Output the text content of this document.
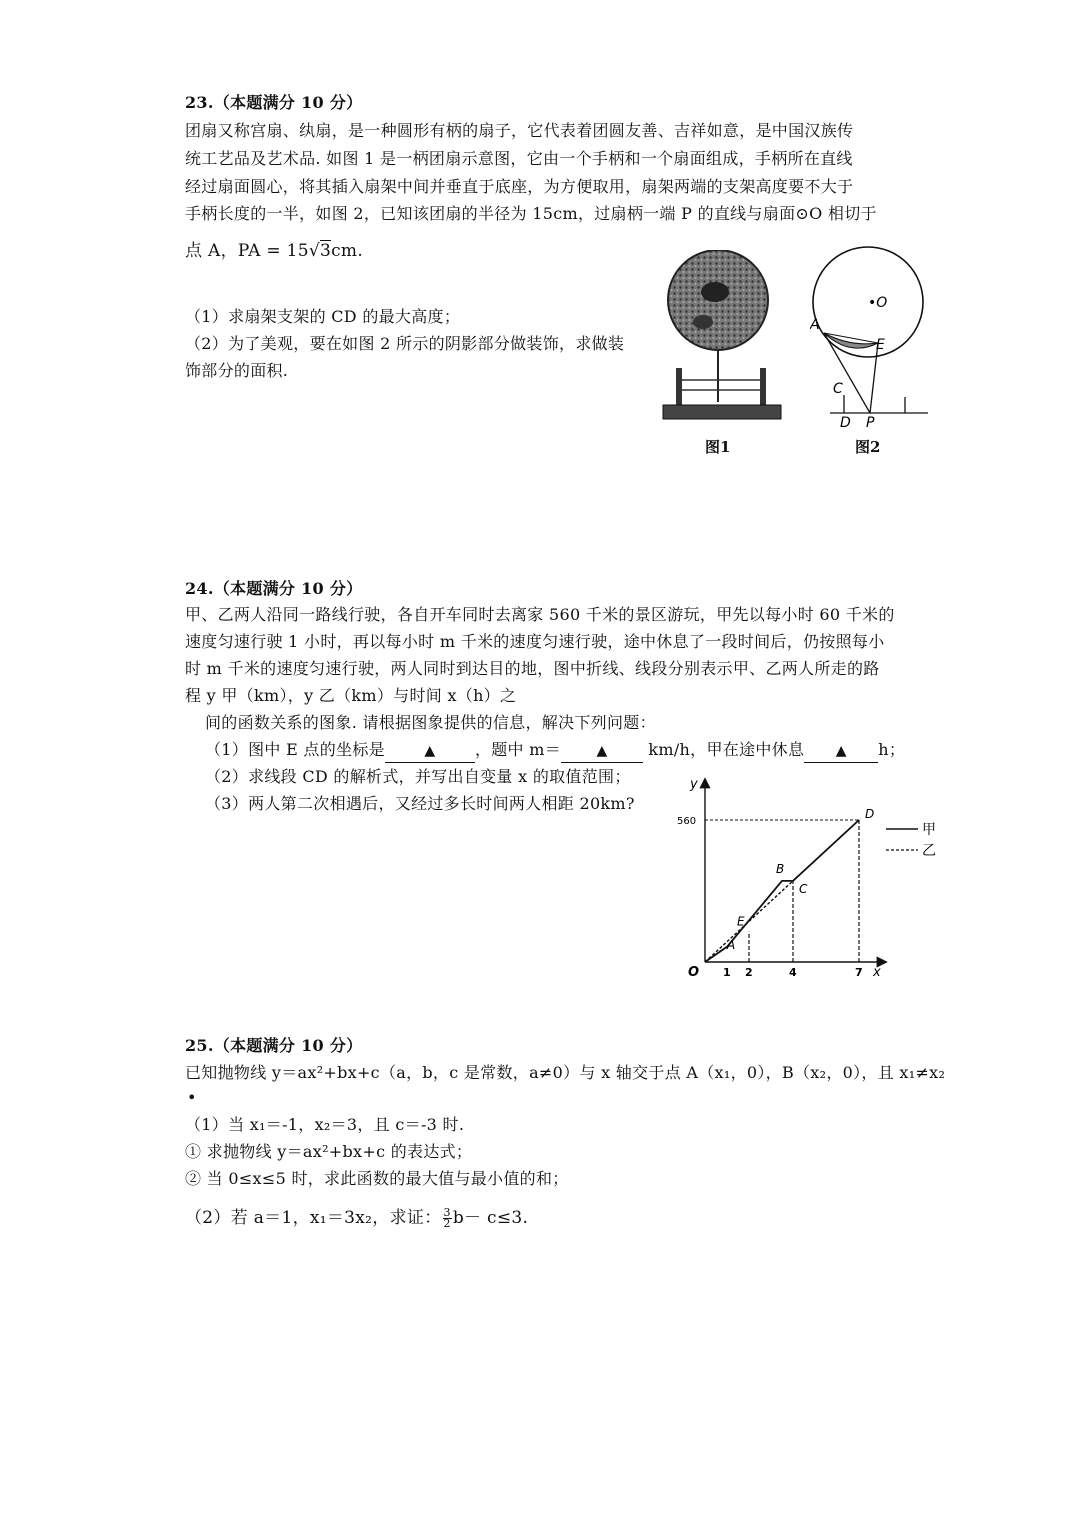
23.（本题满分 10 分）
团扇又称宫扇、纨扇，是一种圆形有柄的扇子，它代表着团圆友善、吉祥如意，是中国汉族传
统工艺品及艺术品. 如图 1 是一柄团扇示意图，它由一个手柄和一个扇面组成，手柄所在直线
经过扇面圆心，将其插入扇架中间并垂直于底座，为方便取用，扇架两端的支架高度要不大于
手柄长度的一半，如图 2，已知该团扇的半径为 15cm，过扇柄一端 P 的直线与扇面⊙O 相切于
点 A，PA = 15√3cm.
（1）求扇架支架的 CD 的最大高度；
（2）为了美观，要在如图 2 所示的阴影部分做装饰，求做装
饰部分的面积.
图1
•O
A
E
C
D P
图2
24.（本题满分 10 分）
甲、乙两人沿同一路线行驶，各自开车同时去离家 560 千米的景区游玩，甲先以每小时 60 千米的
速度匀速行驶 1 小时，再以每小时 m 千米的速度匀速行驶，途中休息了一段时间后，仍按照每小
时 m 千米的速度匀速行驶，两人同时到达目的地，图中折线、线段分别表示甲、乙两人所走的路
程 y 甲（km），y 乙（km）与时间 x（h）之
间的函数关系的图象. 请根据图象提供的信息，解决下列问题：
（1）图中 E 点的坐标是	▲ ，题中 m＝	▲	km/h，甲在途中休息 ▲ h；
（2）求线段 CD 的解析式，并写出自变量 x 的取值范围；
（3）两人第二次相遇后，又经过多长时间两人相距 20km?
O	x
y
1 2	4	7
560
A
E
B
C
D
甲
乙
25.（本题满分 10 分）
已知抛物线 y＝ax²+bx+c（a，b，c 是常数，a≠0）与 x 轴交于点 A（x₁，0），B（x₂，0），且 x₁≠x₂
•
（1）当 x₁＝-1，x₂＝3，且 c＝-3 时.
① 求抛物线 y＝ax²+bx+c 的表达式；
② 当 0≤x≤5 时，求此函数的最大值与最小值的和；
（2）若 a＝1，x₁＝3x₂，求证： $\frac{3}{2} b- c\le 3$.
